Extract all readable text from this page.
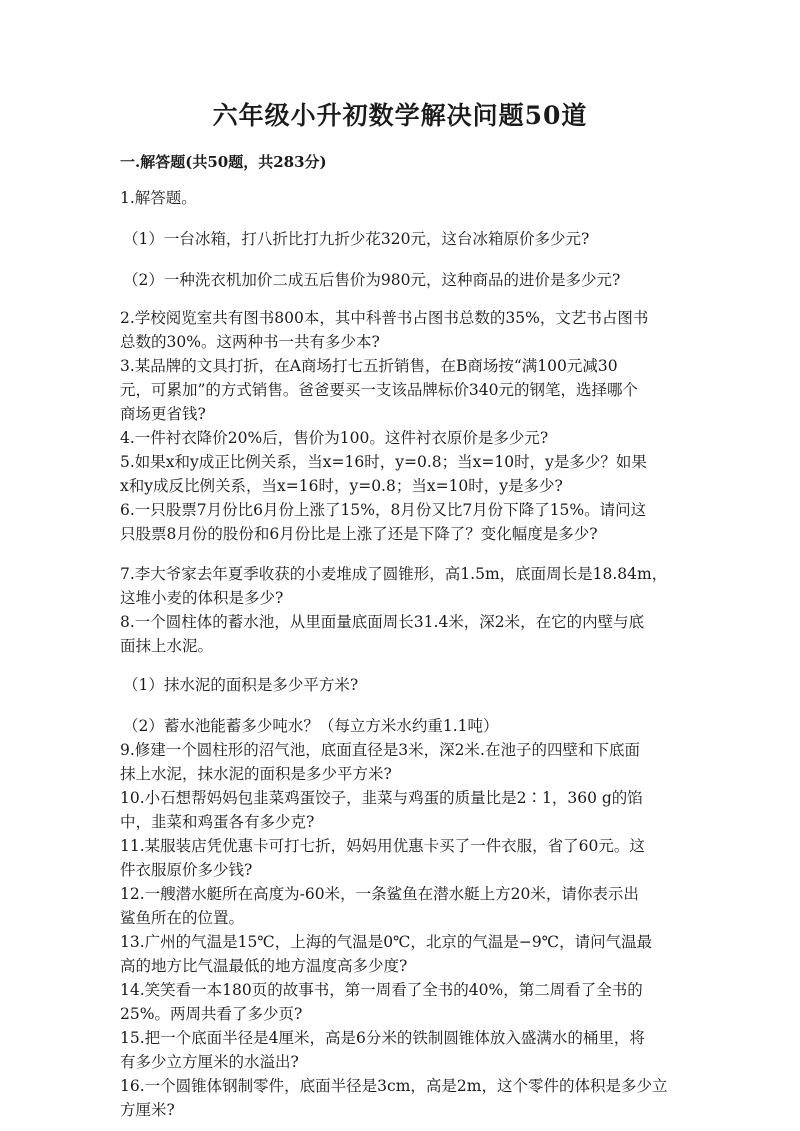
六年级小升初数学解决问题50道
一.解答题(共50题，共283分)
1.解答题。
（1）一台冰箱，打八折比打九折少花320元，这台冰箱原价多少元?
（2）一种洗衣机加价二成五后售价为980元，这种商品的进价是多少元?
2.学校阅览室共有图书800本，其中科普书占图书总数的35%，文艺书占图书
总数的30%。这两种书一共有多少本?
3.某品牌的文具打折，在A商场打七五折销售，在B商场按“满100元减30
元，可累加”的方式销售。爸爸要买一支该品牌标价340元的钢笔，选择哪个
商场更省钱?
4.一件衬衣降价20%后，售价为100。这件衬衣原价是多少元?
5.如果x和y成正比例关系，当x=16时，y=0.8；当x=10时，y是多少？如果
x和y成反比例关系，当x=16时，y=0.8；当x=10时，y是多少?
6.一只股票7月份比6月份上涨了15%，8月份又比7月份下降了15%。请问这
只股票8月份的股份和6月份比是上涨了还是下降了？变化幅度是多少?
7.李大爷家去年夏季收获的小麦堆成了圆锥形，高1.5m，底面周长是18.84m，
这堆小麦的体积是多少?
8.一个圆柱体的蓄水池，从里面量底面周长31.4米，深2米，在它的内壁与底
面抹上水泥。
（1）抹水泥的面积是多少平方米?
（2）蓄水池能蓄多少吨水？（每立方米水约重1.1吨）
9.修建一个圆柱形的沼气池，底面直径是3米，深2米.在池子的四壁和下底面
抹上水泥，抹水泥的面积是多少平方米?
10.小石想帮妈妈包韭菜鸡蛋饺子，韭菜与鸡蛋的质量比是2∶1，360 g的馅
中，韭菜和鸡蛋各有多少克?
11.某服装店凭优惠卡可打七折，妈妈用优惠卡买了一件衣服，省了60元。这
件衣服原价多少钱?
12.一艘潜水艇所在高度为-60米，一条鲨鱼在潜水艇上方20米，请你表示出
鲨鱼所在的位置。
13.广州的气温是15℃，上海的气温是0℃，北京的气温是−9℃，请问气温最
高的地方比气温最低的地方温度高多少度?
14.笑笑看一本180页的故事书，第一周看了全书的40%，第二周看了全书的
25%。两周共看了多少页?
15.把一个底面半径是4厘米，高是6分米的铁制圆锥体放入盛满水的桶里，将
有多少立方厘米的水溢出?
16.一个圆锥体钢制零件，底面半径是3cm，高是2m，这个零件的体积是多少立
方厘米?
